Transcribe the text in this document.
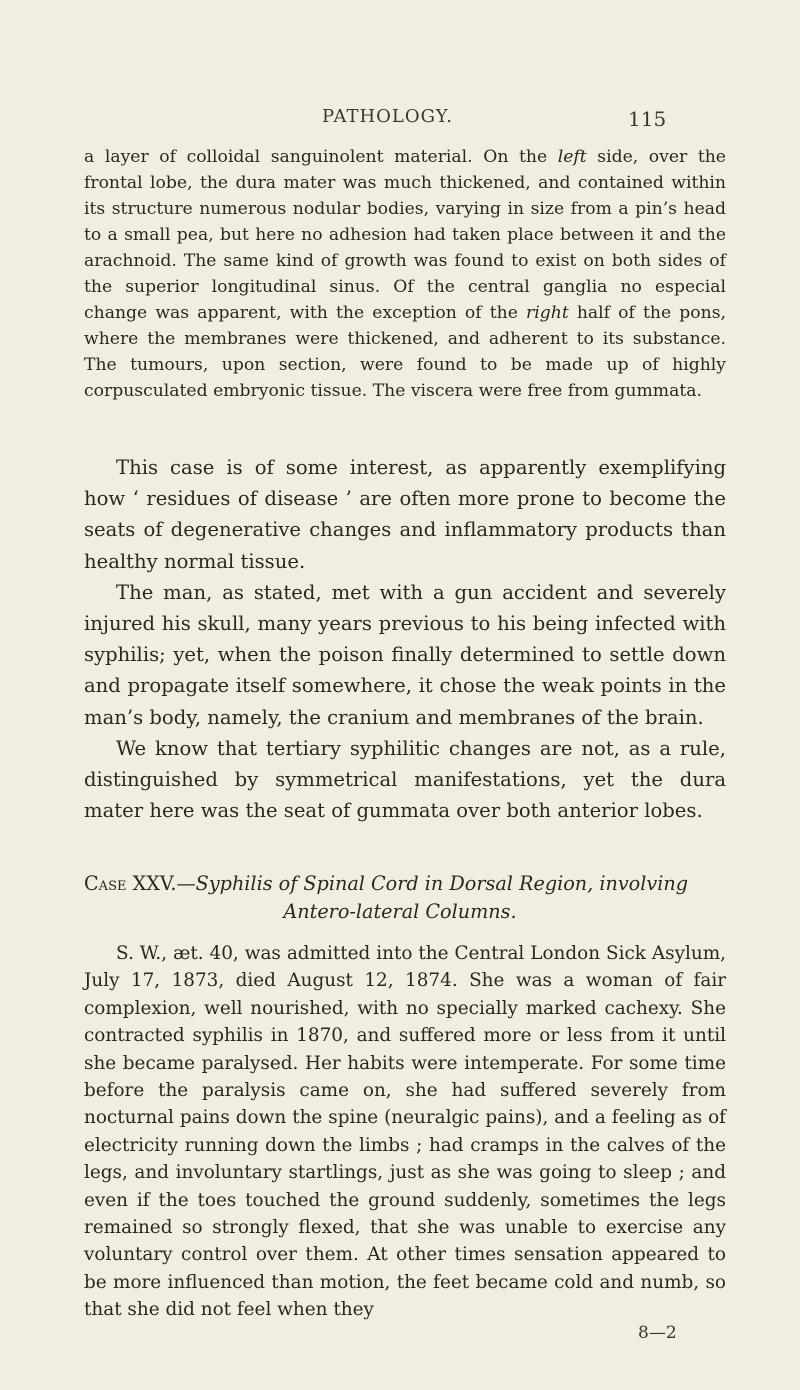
PATHOLOGY.	115

a layer of colloidal sanguinolent material. On the left side, over the frontal lobe, the dura mater was much thickened, and contained within its structure numerous nodular bodies, varying in size from a pin’s head to a small pea, but here no adhesion had taken place between it and the arachnoid. The same kind of growth was found to exist on both sides of the superior longitudinal sinus. Of the central ganglia no especial change was apparent, with the exception of the right half of the pons, where the membranes were thickened, and adherent to its substance. The tumours, upon section, were found to be made up of highly corpusculated embryonic tissue. The viscera were free from gummata.

This case is of some interest, as apparently exemplifying how ‘ residues of disease ’ are often more prone to become the seats of degenerative changes and inflammatory products than healthy normal tissue.

The man, as stated, met with a gun accident and severely injured his skull, many years previous to his being infected with syphilis; yet, when the poison finally determined to settle down and propagate itself somewhere, it chose the weak points in the man’s body, namely, the cranium and membranes of the brain.

We know that tertiary syphilitic changes are not, as a rule, distinguished by symmetrical manifestations, yet the dura mater here was the seat of gummata over both anterior lobes.

Case XXV.—Syphilis of Spinal Cord in Dorsal Region, involving
Antero-lateral Columns.

S. W., æt. 40, was admitted into the Central London Sick Asylum, July 17, 1873, died August 12, 1874. She was a woman of fair complexion, well nourished, with no specially marked cachexy. She contracted syphilis in 1870, and suffered more or less from it until she became paralysed. Her habits were intemperate. For some time before the paralysis came on, she had suffered severely from nocturnal pains down the spine (neuralgic pains), and a feeling as of electricity running down the limbs ; had cramps in the calves of the legs, and involuntary startlings, just as she was going to sleep ; and even if the toes touched the ground suddenly, sometimes the legs remained so strongly flexed, that she was unable to exercise any voluntary control over them. At other times sensation appeared to be more influenced than motion, the feet became cold and numb, so that she did not feel when they

8—2
